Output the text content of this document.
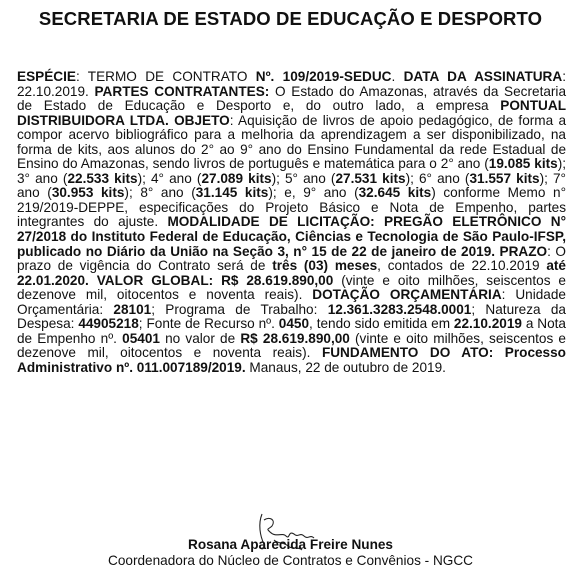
SECRETARIA DE ESTADO DE EDUCAÇÃO E DESPORTO
ESPÉCIE: TERMO DE CONTRATO Nº. 109/2019-SEDUC. DATA DA ASSINATURA: 22.10.2019. PARTES CONTRATANTES: O Estado do Amazonas, através da Secretaria de Estado de Educação e Desporto e, do outro lado, a empresa PONTUAL DISTRIBUIDORA LTDA. OBJETO: Aquisição de livros de apoio pedagógico, de forma a compor acervo bibliográfico para a melhoria da aprendizagem a ser disponibilizado, na forma de kits, aos alunos do 2° ao 9° ano do Ensino Fundamental da rede Estadual de Ensino do Amazonas, sendo livros de português e matemática para o 2° ano (19.085 kits); 3° ano (22.533 kits); 4° ano (27.089 kits); 5° ano (27.531 kits); 6° ano (31.557 kits); 7° ano (30.953 kits); 8° ano (31.145 kits); e, 9° ano (32.645 kits) conforme Memo n° 219/2019-DEPPE, especificações do Projeto Básico e Nota de Empenho, partes integrantes do ajuste. MODALIDADE DE LICITAÇÃO: PREGÃO ELETRÔNICO N° 27/2018 do Instituto Federal de Educação, Ciências e Tecnologia de São Paulo-IFSP, publicado no Diário da União na Seção 3, n° 15 de 22 de janeiro de 2019. PRAZO: O prazo de vigência do Contrato será de três (03) meses, contados de 22.10.2019 até 22.01.2020. VALOR GLOBAL: R$ 28.619.890,00 (vinte e oito milhões, seiscentos e dezenove mil, oitocentos e noventa reais). DOTAÇÃO ORÇAMENTÁRIA: Unidade Orçamentária: 28101; Programa de Trabalho: 12.361.3283.2548.0001; Natureza da Despesa: 44905218; Fonte de Recurso nº. 0450, tendo sido emitida em 22.10.2019 a Nota de Empenho nº. 05401 no valor de R$ 28.619.890,00 (vinte e oito milhões, seiscentos e dezenove mil, oitocentos e noventa reais). FUNDAMENTO DO ATO: Processo Administrativo nº. 011.007189/2019. Manaus, 22 de outubro de 2019.
Rosana Aparecida Freire Nunes
Coordenadora do Núcleo de Contratos e Convênios - NGCC
